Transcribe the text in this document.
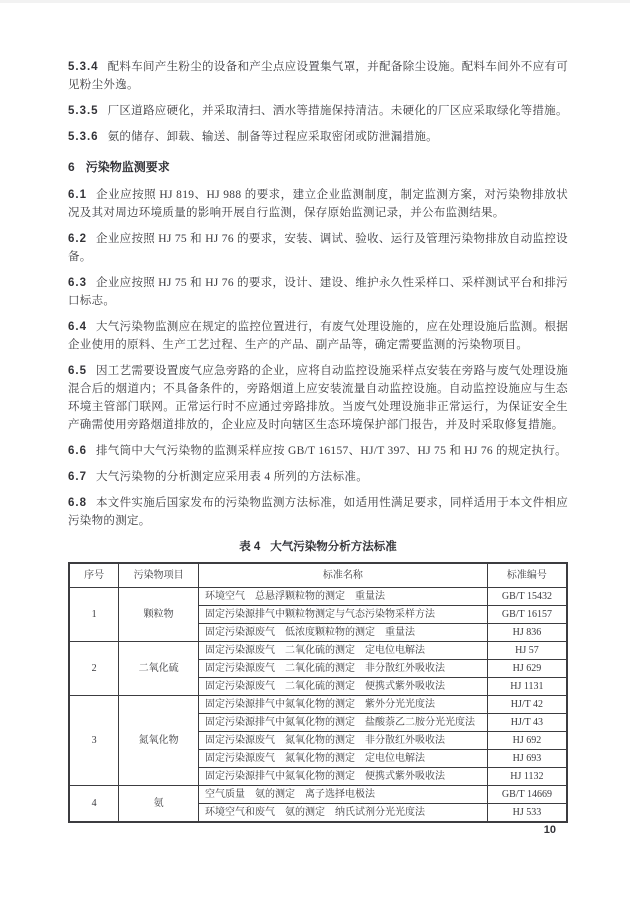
5.3.4 配料车间产生粉尘的设备和产尘点应设置集气罩，并配备除尘设施。配料车间外不应有可见粉尘外逸。

5.3.5 厂区道路应硬化，并采取清扫、洒水等措施保持清洁。未硬化的厂区应采取绿化等措施。

5.3.6 氨的储存、卸载、输送、制备等过程应采取密闭或防泄漏措施。

6 污染物监测要求

6.1 企业应按照 HJ 819、HJ 988 的要求，建立企业监测制度，制定监测方案，对污染物排放状况及其对周边环境质量的影响开展自行监测，保存原始监测记录，并公布监测结果。

6.2 企业应按照 HJ 75 和 HJ 76 的要求，安装、调试、验收、运行及管理污染物排放自动监控设备。

6.3 企业应按照 HJ 75 和 HJ 76 的要求，设计、建设、维护永久性采样口、采样测试平台和排污口标志。

6.4 大气污染物监测应在规定的监控位置进行，有废气处理设施的，应在处理设施后监测。根据企业使用的原料、生产工艺过程、生产的产品、副产品等，确定需要监测的污染物项目。

6.5 因工艺需要设置废气应急旁路的企业，应将自动监控设施采样点安装在旁路与废气处理设施混合后的烟道内；不具备条件的，旁路烟道上应安装流量自动监控设施。自动监控设施应与生态环境主管部门联网。正常运行时不应通过旁路排放。当废气处理设施非正常运行，为保证安全生产确需使用旁路烟道排放的，企业应及时向辖区生态环境保护部门报告，并及时采取修复措施。

6.6 排气筒中大气污染物的监测采样应按 GB/T 16157、HJ/T 397、HJ 75 和 HJ 76 的规定执行。

6.7 大气污染物的分析测定应采用表 4 所列的方法标准。

6.8 本文件实施后国家发布的污染物监测方法标准，如适用性满足要求，同样适用于本文件相应污染物的测定。

表 4 大气污染物分析方法标准
序号	污染物项目	标准名称	标准编号
1	颗粒物	环境空气　总悬浮颗粒物的测定　重量法	GB/T 15432
		固定污染源排气中颗粒物测定与气态污染物采样方法	GB/T 16157
		固定污染源废气　低浓度颗粒物的测定　重量法	HJ 836
2	二氧化硫	固定污染源废气　二氧化硫的测定　定电位电解法	HJ 57
		固定污染源废气　二氧化硫的测定　非分散红外吸收法	HJ 629
		固定污染源废气　二氧化硫的测定　便携式紫外吸收法	HJ 1131
3	氮氧化物	固定污染源排气中氮氧化物的测定　紫外分光光度法	HJ/T 42
		固定污染源排气中氮氧化物的测定　盐酸萘乙二胺分光光度法	HJ/T 43
		固定污染源废气　氮氧化物的测定　非分散红外吸收法	HJ 692
		固定污染源废气　氮氧化物的测定　定电位电解法	HJ 693
		固定污染源排气中氮氧化物的测定　便携式紫外吸收法	HJ 1132
4	氨	空气质量　氨的测定　离子选择电极法	GB/T 14669
		环境空气和废气　氨的测定　纳氏试剂分光光度法	HJ 533
10
